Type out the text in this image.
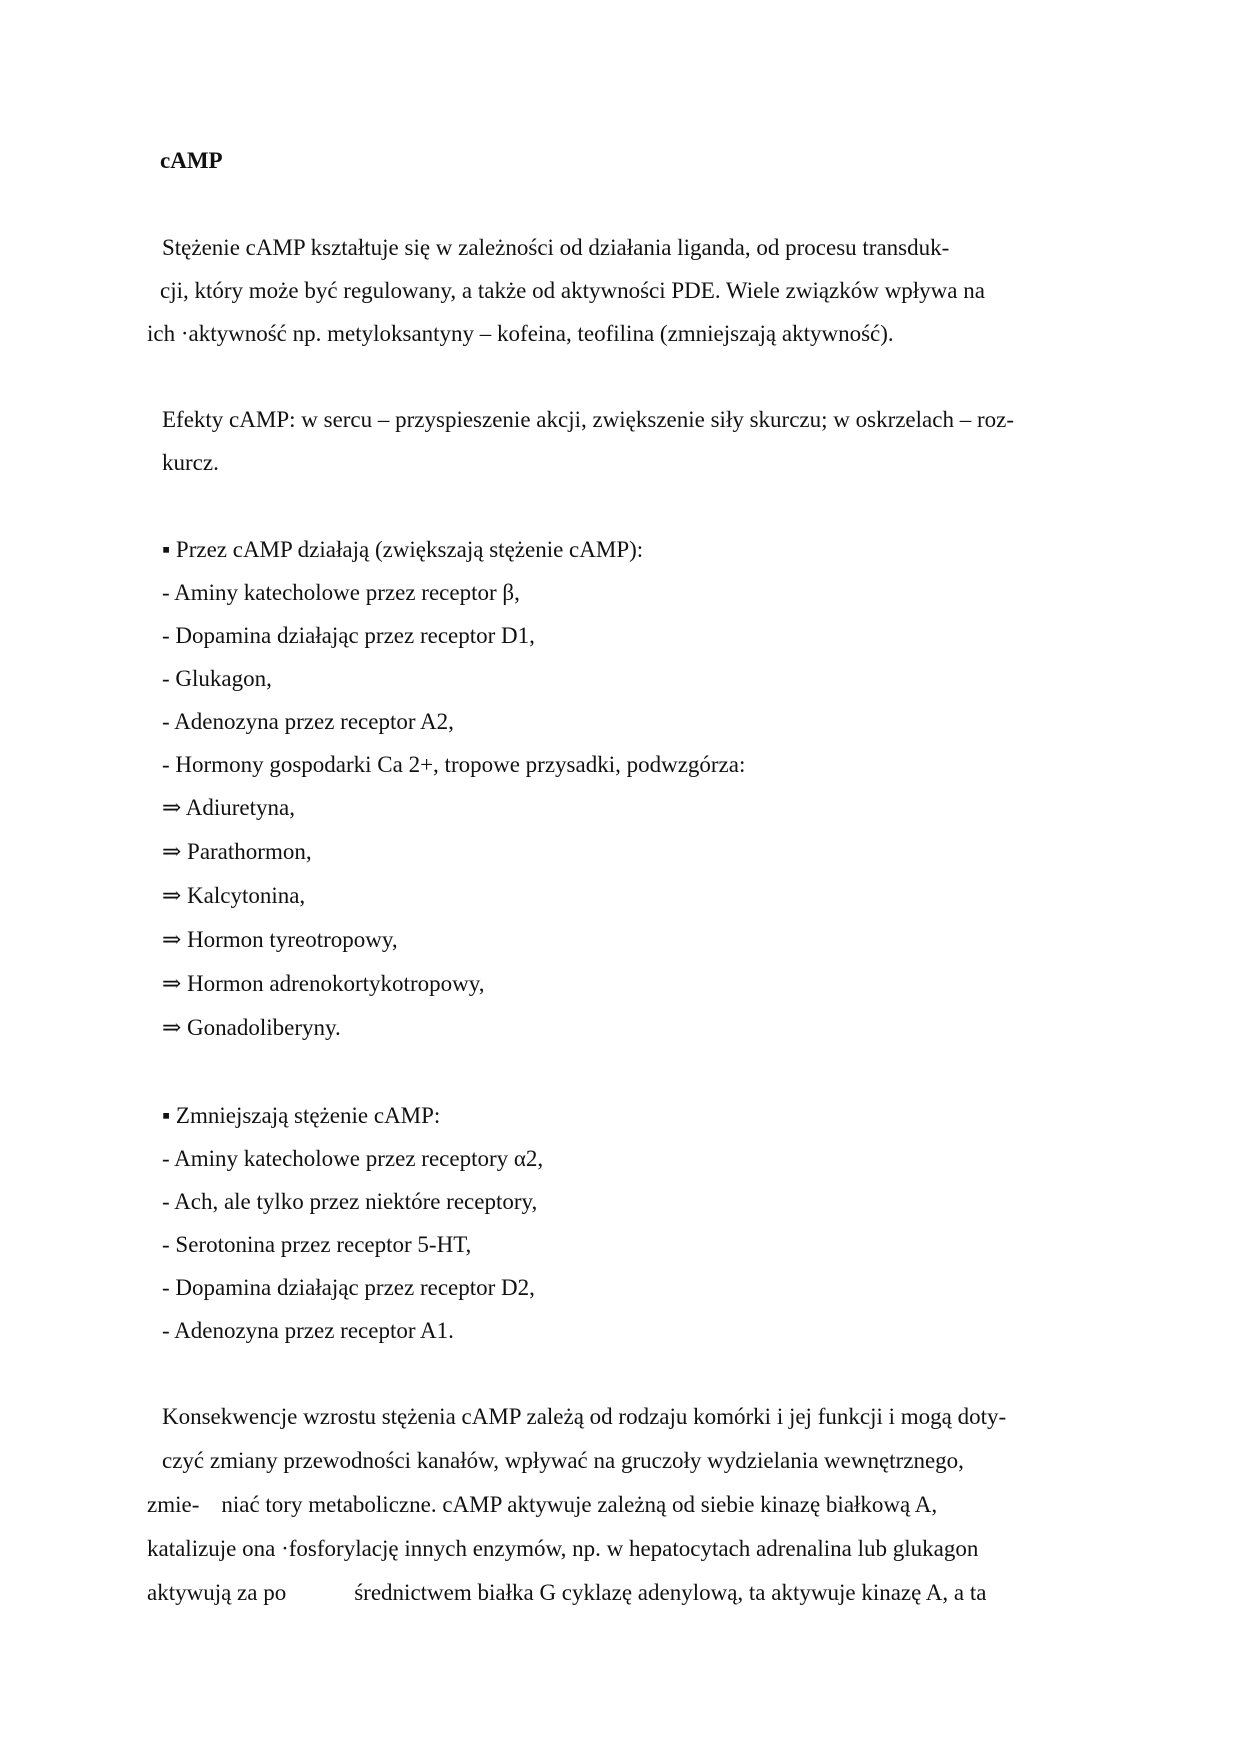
cAMP
Stężenie cAMP kształtuje się w zależności od działania liganda, od procesu transduk-
cji, który może być regulowany, a także od aktywności PDE. Wiele związków wpływa na
ich ·aktywność np. metyloksantyny – kofeina, teofilina (zmniejszają aktywność).
Efekty cAMP: w sercu – przyspieszenie akcji, zwiększenie siły skurczu; w oskrzelach – roz-
kurcz.
▪ Przez cAMP działają (zwiększają stężenie cAMP):
- Aminy katecholowe przez receptor β,
- Dopamina działając przez receptor D1,
- Glukagon,
- Adenozyna przez receptor A2,
- Hormony gospodarki Ca 2+, tropowe przysadki, podwzgórza:
⇒ Adiuretyna,
⇒ Parathormon,
⇒ Kalcytonina,
⇒ Hormon tyreotropowy,
⇒ Hormon adrenokortykotropowy,
⇒ Gonadoliberyny.
▪ Zmniejszają stężenie cAMP:
- Aminy katecholowe przez receptory α2,
- Ach, ale tylko przez niektóre receptory,
- Serotonina przez receptor 5-HT,
- Dopamina działając przez receptor D2,
- Adenozyna przez receptor A1.
Konsekwencje wzrostu stężenia cAMP zależą od rodzaju komórki i jej funkcji i mogą doty-
czyć zmiany przewodności kanałów, wpływać na gruczoły wydzielania wewnętrznego,
zmie- niać tory metaboliczne. cAMP aktywuje zależną od siebie kinazę białkową A,
katalizuje ona ·fosforylację innych enzymów, np. w hepatocytach adrenalina lub glukagon
aktywują za po	średnictwem białka G cyklazę adenylową, ta aktywuje kinazę A, a ta
